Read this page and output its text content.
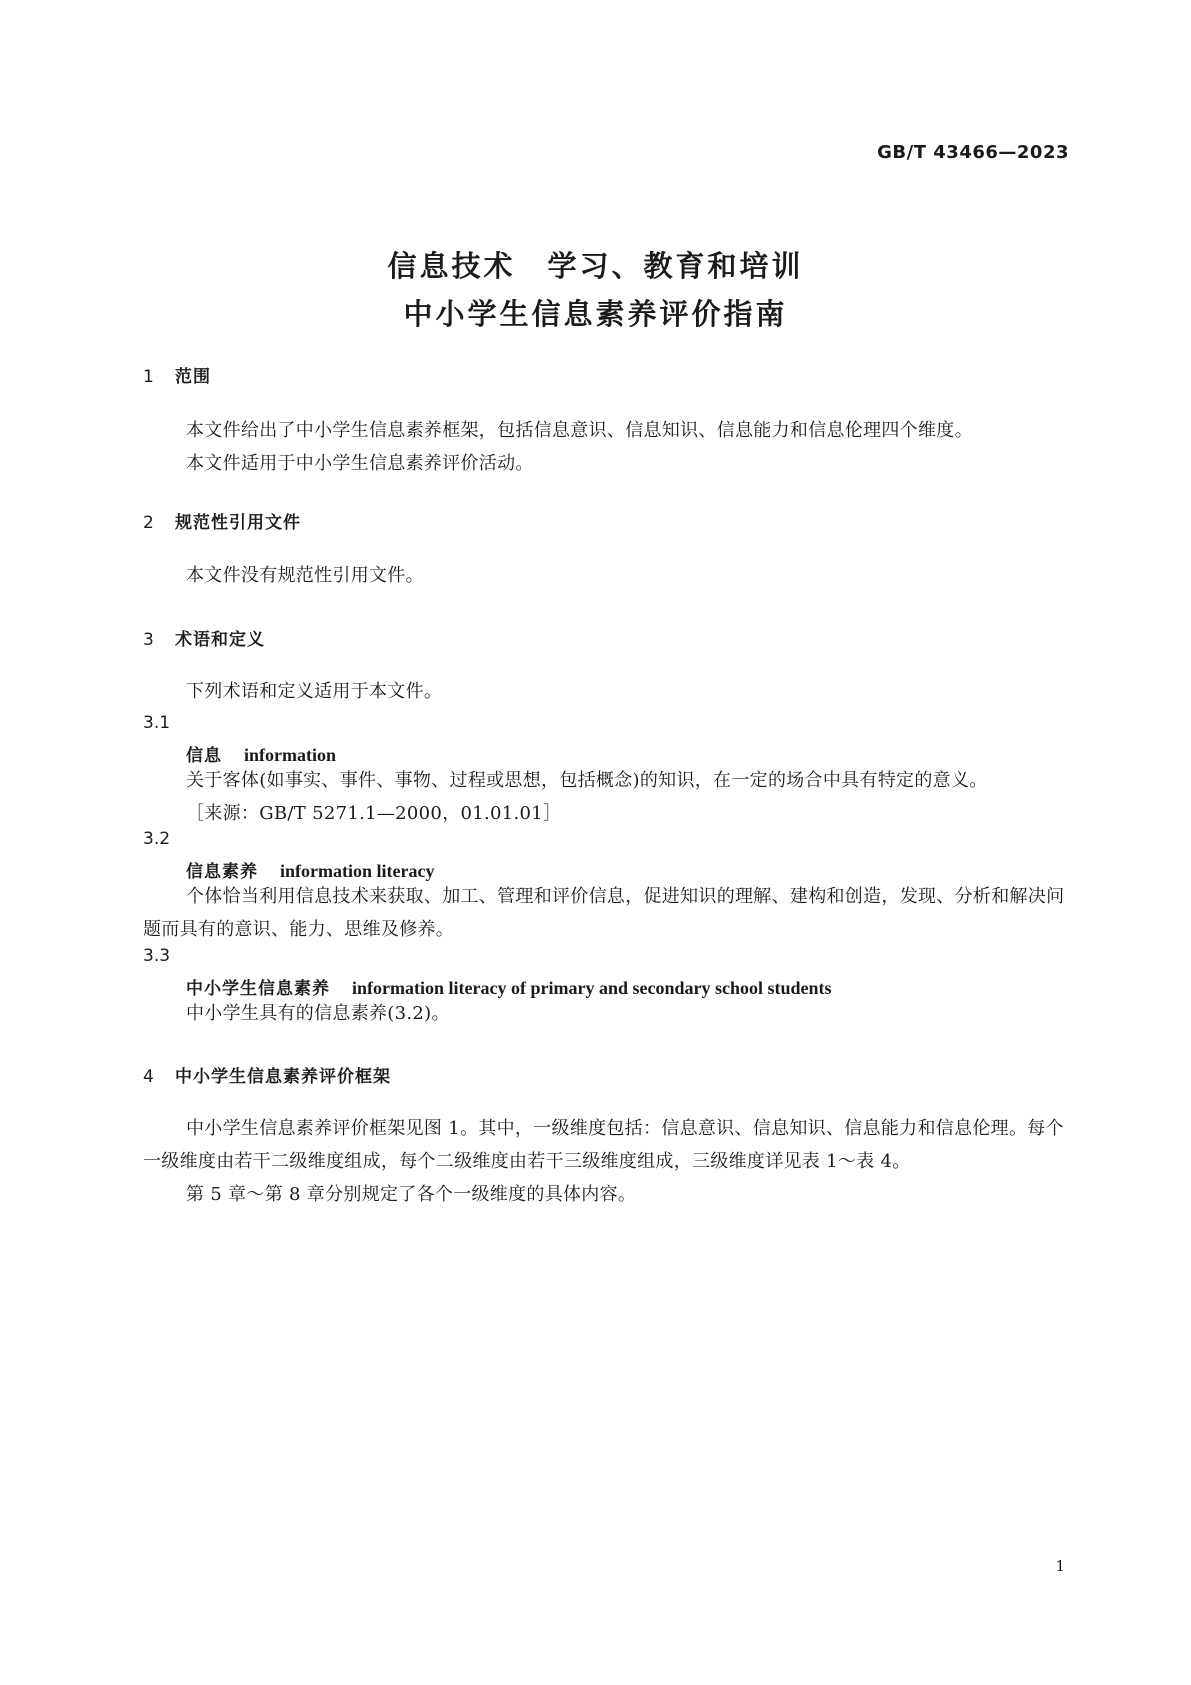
GB/T 43466—2023
信息技术　学习、教育和培训
中小学生信息素养评价指南
1 范围
本文件给出了中小学生信息素养框架，包括信息意识、信息知识、信息能力和信息伦理四个维度。
本文件适用于中小学生信息素养评价活动。
2 规范性引用文件
本文件没有规范性引用文件。
3 术语和定义
下列术语和定义适用于本文件。
3.1
信息 information
关于客体(如事实、事件、事物、过程或思想，包括概念)的知识，在一定的场合中具有特定的意义。
［来源：GB/T 5271.1—2000，01.01.01］
3.2
信息素养 information literacy
个体恰当利用信息技术来获取、加工、管理和评价信息，促进知识的理解、建构和创造，发现、分析和解决问题而具有的意识、能力、思维及修养。
3.3
中小学生信息素养 information literacy of primary and secondary school students
中小学生具有的信息素养(3.2)。
4 中小学生信息素养评价框架
中小学生信息素养评价框架见图 1。其中，一级维度包括：信息意识、信息知识、信息能力和信息伦理。每个一级维度由若干二级维度组成，每个二级维度由若干三级维度组成，三级维度详见表 1～表 4。
第 5 章～第 8 章分别规定了各个一级维度的具体内容。
1
